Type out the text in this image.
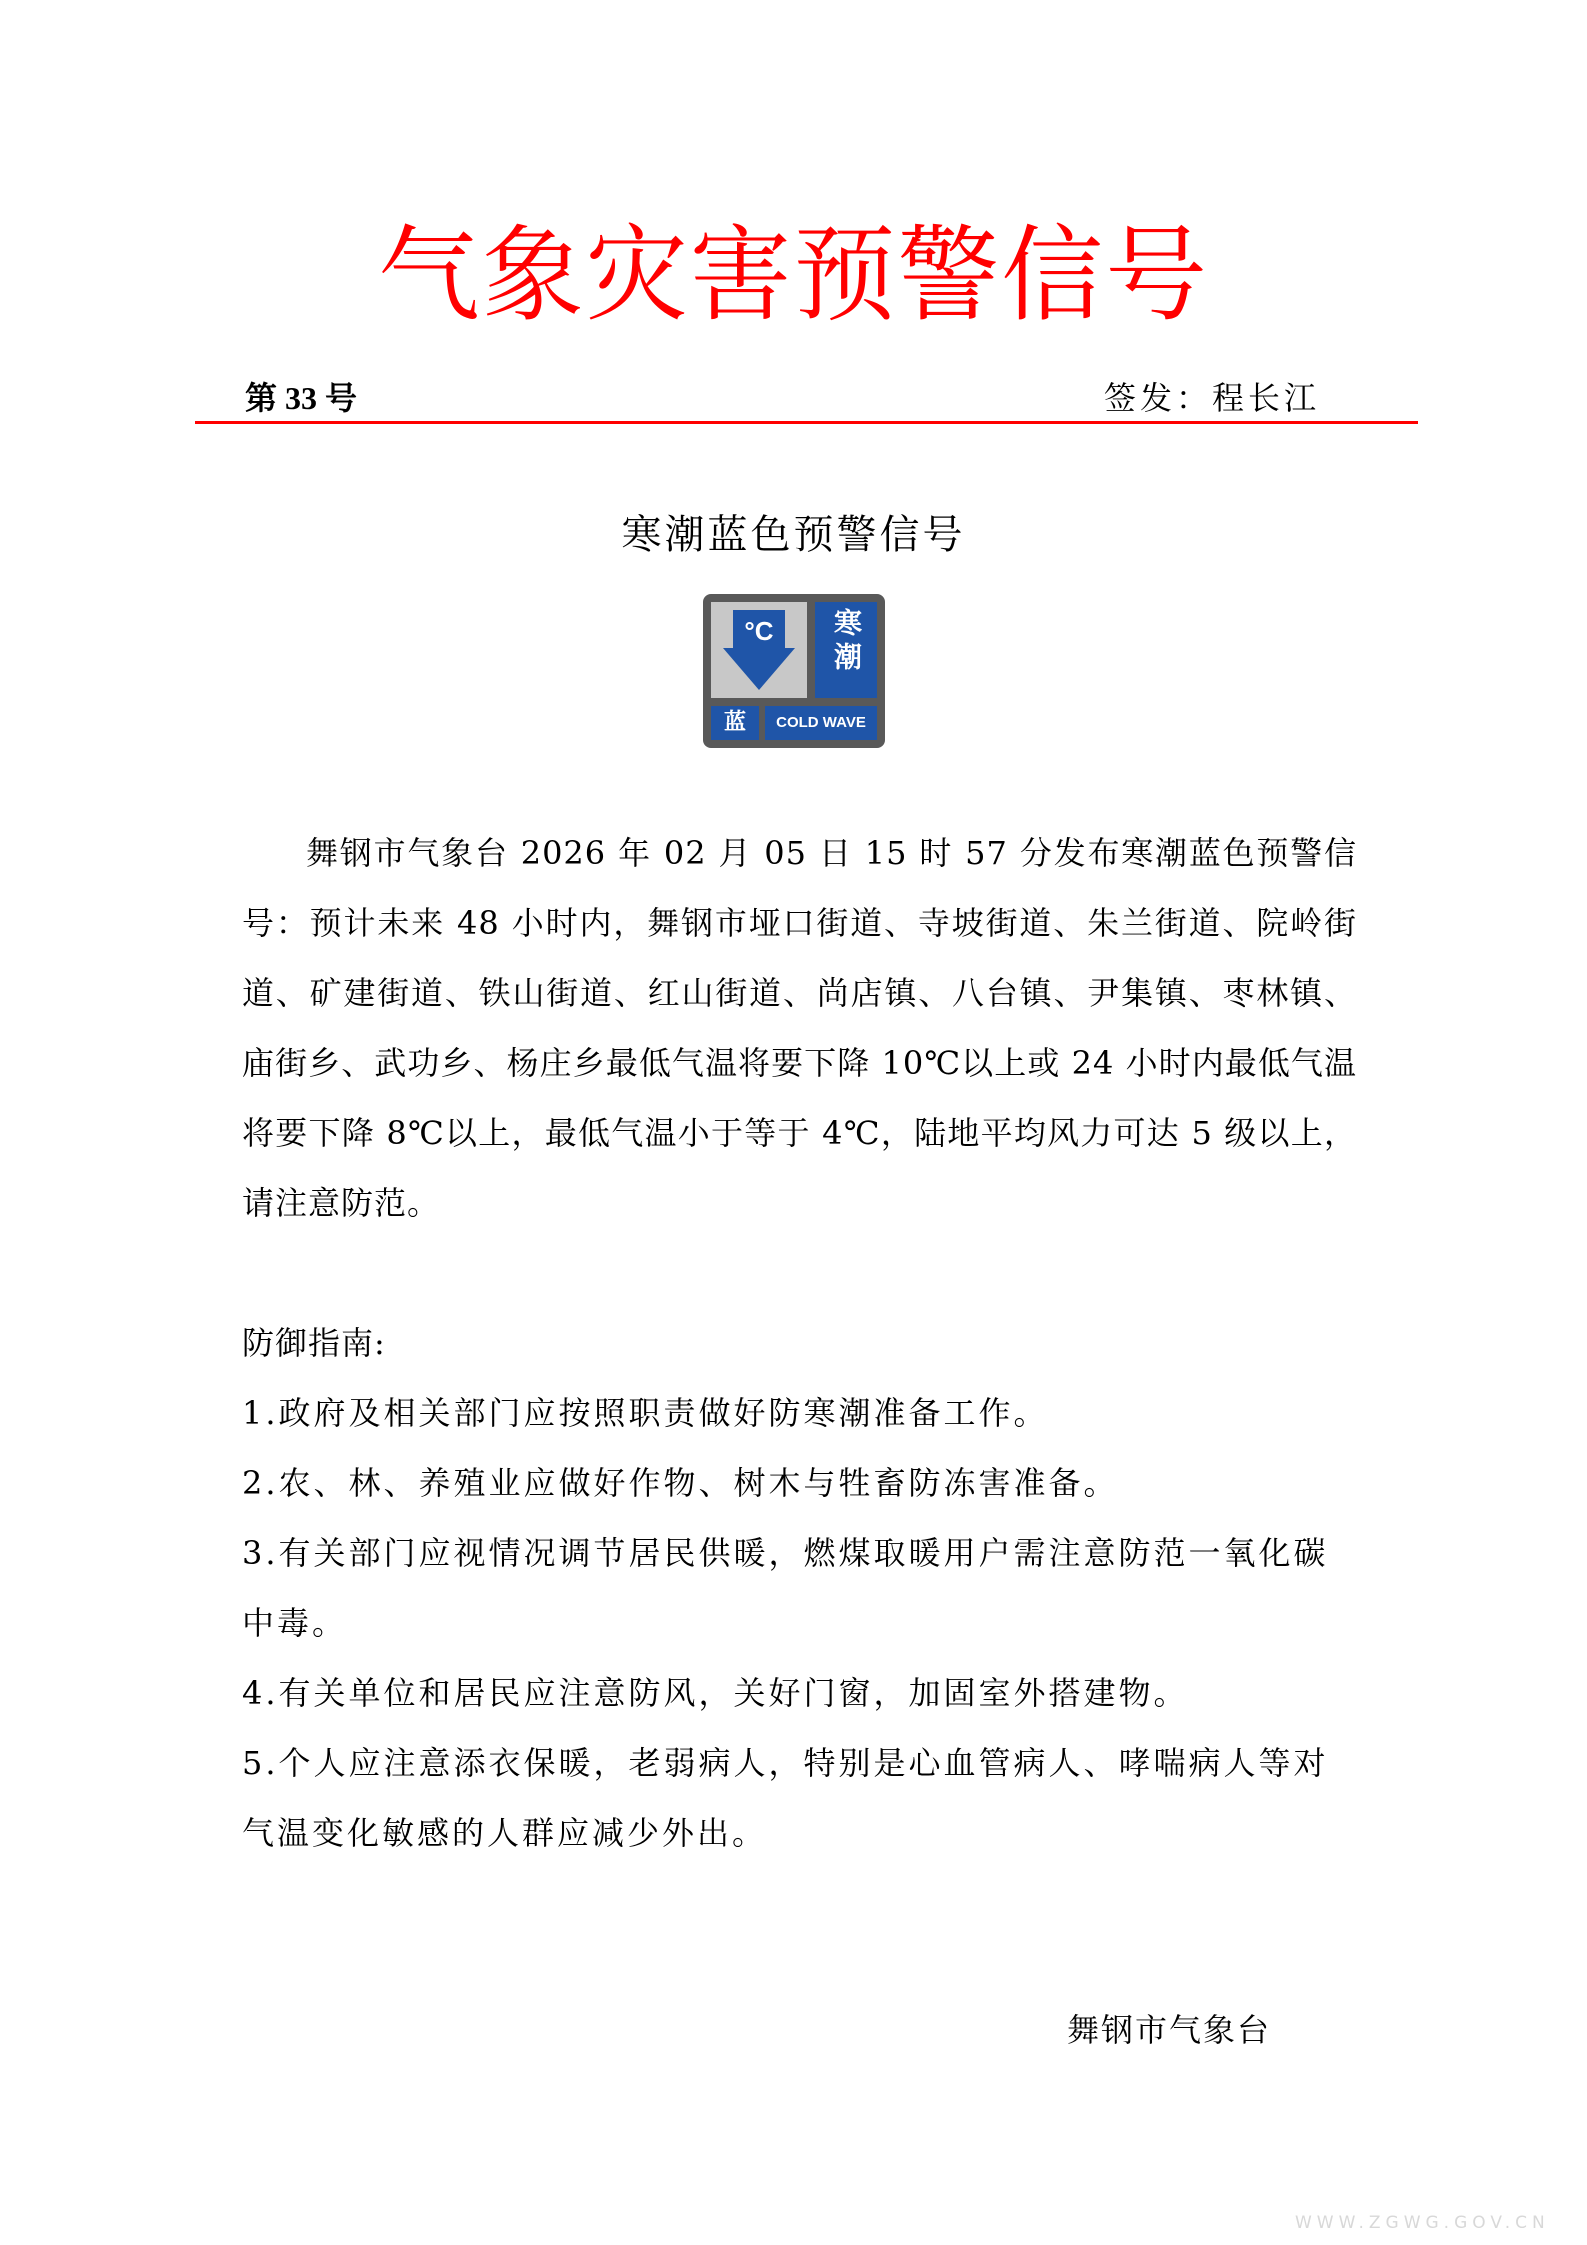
气象灾害预警信号
第 33 号	签发：程长江
寒潮蓝色预警信号
°C	寒潮
蓝	COLD WAVE

舞钢市气象台 2026 年 02 月 05 日 15 时 57 分发布寒潮蓝色预警信号：预计未来 48 小时内，舞钢市垭口街道、寺坡街道、朱兰街道、院岭街道、矿建街道、铁山街道、红山街道、尚店镇、八台镇、尹集镇、枣林镇、庙街乡、武功乡、杨庄乡最低气温将要下降 10℃以上或 24 小时内最低气温将要下降 8℃以上，最低气温小于等于 4℃，陆地平均风力可达 5 级以上，请注意防范。

防御指南:

1.政府及相关部门应按照职责做好防寒潮准备工作。

2.农、林、养殖业应做好作物、树木与牲畜防冻害准备。

3.有关部门应视情况调节居民供暖，燃煤取暖用户需注意防范一氧化碳中毒。

4.有关单位和居民应注意防风，关好门窗，加固室外搭建物。

5.个人应注意添衣保暖，老弱病人，特别是心血管病人、哮喘病人等对气温变化敏感的人群应减少外出。

舞钢市气象台
WWW.ZGWG.GOV.CN
